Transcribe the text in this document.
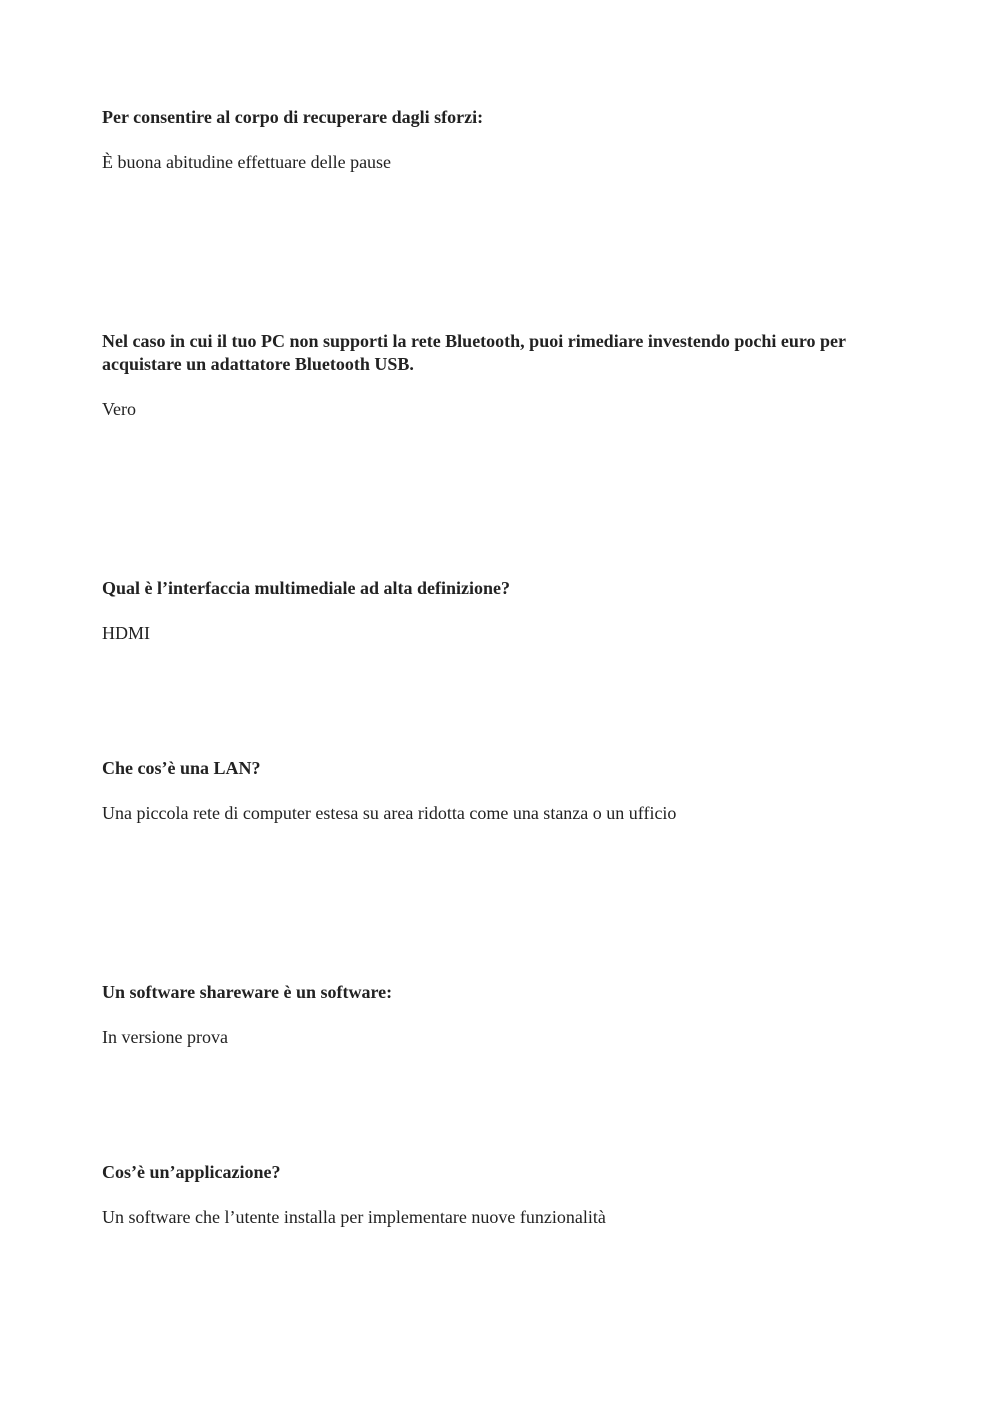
Per consentire al corpo di recuperare dagli sforzi:

È buona abitudine effettuare delle pause

Nel caso in cui il tuo PC non supporti la rete Bluetooth, puoi rimediare investendo pochi euro per acquistare un adattatore Bluetooth USB.

Vero

Qual è l’interfaccia multimediale ad alta definizione?

HDMI

Che cos’è una LAN?

Una piccola rete di computer estesa su area ridotta come una stanza o un ufficio

Un software shareware è un software:

In versione prova

Cos’è un’applicazione?

Un software che l’utente installa per implementare nuove funzionalità
